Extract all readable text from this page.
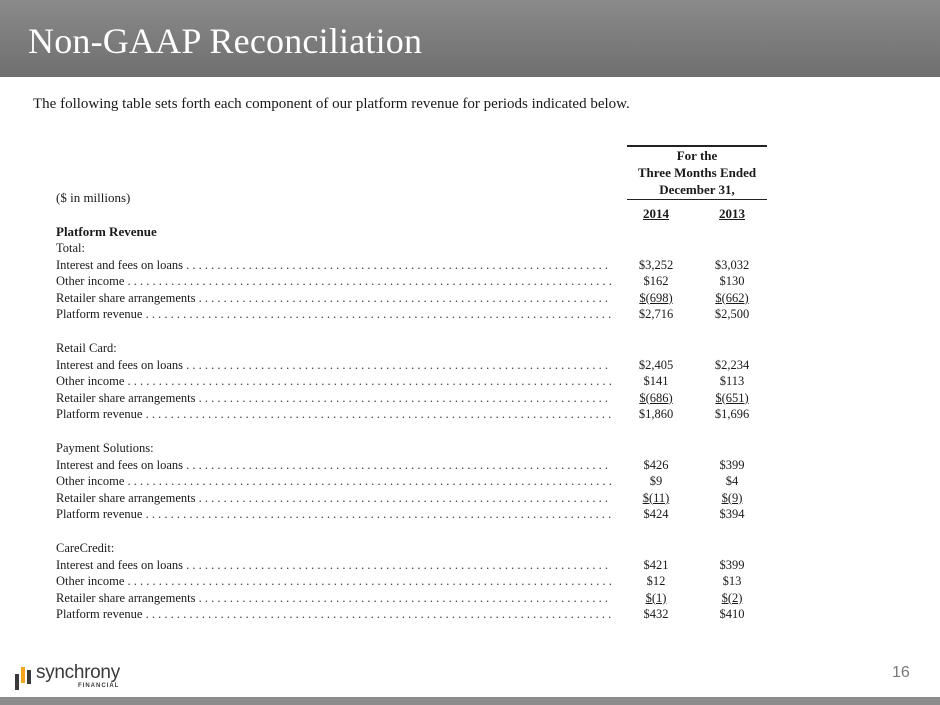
Non-GAAP Reconciliation
The following table sets forth each component of our platform revenue for periods indicated below.
For the
Three Months Ended
December 31,
($ in millions)
2014	2013
Platform Revenue
Total:
Interest and fees on loans . . .	$3,252	$3,032
Other income . . .	$162	$130
Retailer share arrangements . . .	$(698)	$(662)
Platform revenue . . .	$2,716	$2,500
Retail Card:
Interest and fees on loans . . .	$2,405	$2,234
Other income . . .	$141	$113
Retailer share arrangements . . .	$(686)	$(651)
Platform revenue . . .	$1,860	$1,696
Payment Solutions:
Interest and fees on loans . . .	$426	$399
Other income . . .	$9	$4
Retailer share arrangements . . .	$(11)	$(9)
Platform revenue . . .	$424	$394
CareCredit:
Interest and fees on loans . . .	$421	$399
Other income . . .	$12	$13
Retailer share arrangements . . .	$(1)	$(2)
Platform revenue . . .	$432	$410
synchrony
FINANCIAL
16
